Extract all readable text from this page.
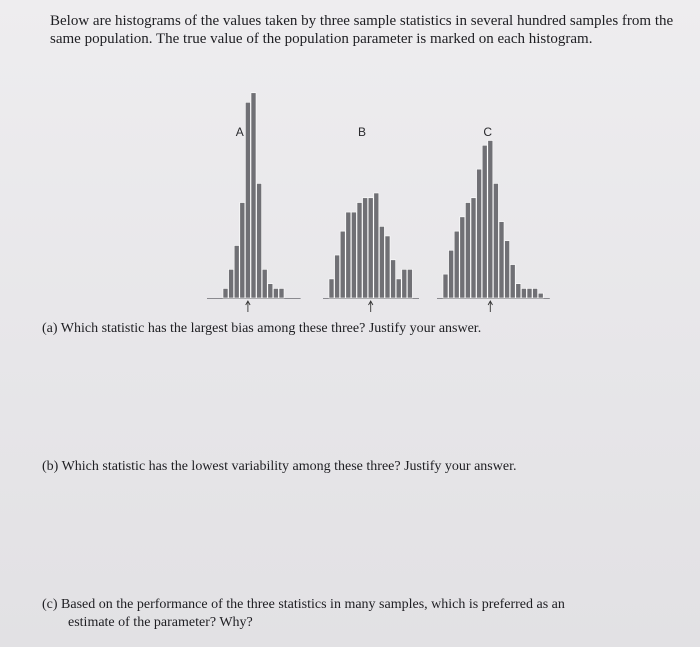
Below are histograms of the values taken by three sample statistics in several hundred samples from the same population. The true value of the population parameter is marked on each histogram.

A	B	C

(a) Which statistic has the largest bias among these three? Justify your answer.

(b) Which statistic has the lowest variability among these three? Justify your answer.

(c) Based on the performance of the three statistics in many samples, which is preferred as an
estimate of the parameter? Why?
